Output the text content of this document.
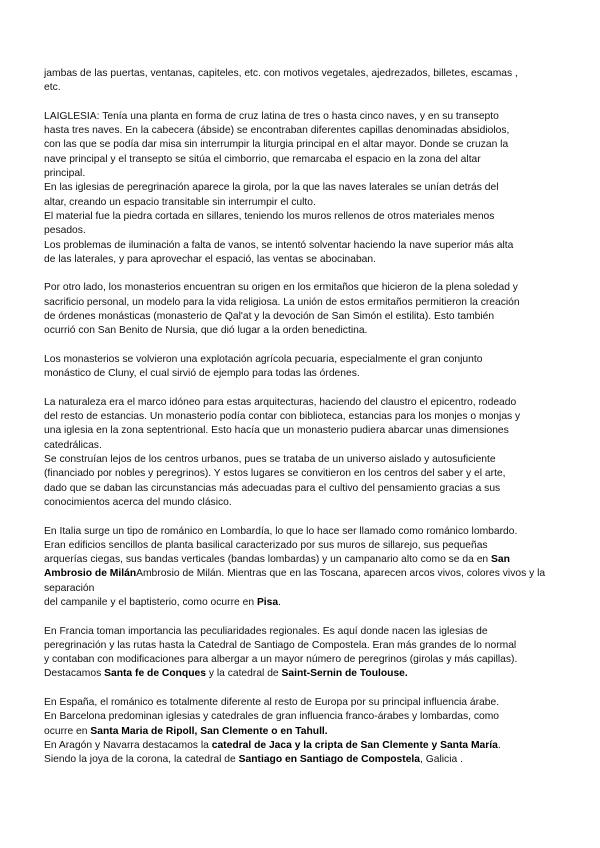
jambas de las puertas, ventanas, capiteles, etc. con motivos vegetales, ajedrezados, billetes, escamas ,
etc.
LAIGLESIA: Tenía una planta en forma de cruz latina de tres o hasta cinco naves, y en su transepto
hasta tres naves. En la cabecera (ábside) se encontraban diferentes capillas denominadas absidiolos,
con las que se podía dar misa sin interrumpir la liturgia principal en el altar mayor. Donde se cruzan la
nave principal y el transepto se sitúa el cimborrio, que remarcaba el espacio en la zona del altar
principal.
En las iglesias de peregrinación aparece la girola, por la que las naves laterales se unían detrás del
altar, creando un espacio transitable sin interrumpir el culto.
El material fue la piedra cortada en sillares, teniendo los muros rellenos de otros materiales menos
pesados.
Los problemas de iluminación a falta de vanos, se intentó solventar haciendo la nave superior más alta
de las laterales, y para aprovechar el espació, las ventas se abocinaban.
Por otro lado, los monasterios encuentran su origen en los ermitaños que hicieron de la plena soledad y
sacrificio personal, un modelo para la vida religiosa. La unión de estos ermitaños permitieron la creación
de órdenes monásticas (monasterio de Qal'at y la devoción de San Simón el estilita). Esto también
ocurrió con San Benito de Nursia, que dió lugar a la orden benedictina.
Los monasterios se volvieron una explotación agrícola pecuaria, especialmente el gran conjunto
monástico de Cluny, el cual sirvió de ejemplo para todas las órdenes.
La naturaleza era el marco idóneo para estas arquitecturas, haciendo del claustro el epicentro, rodeado
del resto de estancias. Un monasterio podía contar con biblioteca, estancias para los monjes o monjas y
una iglesia en la zona septentrional. Esto hacía que un monasterio pudiera abarcar unas dimensiones
catedrálicas.
Se construían lejos de los centros urbanos, pues se trataba de un universo aislado y autosuficiente
(financiado por nobles y peregrinos). Y estos lugares se convitieron en los centros del saber y el arte,
dado que se daban las circunstancias más adecuadas para el cultivo del pensamiento gracias a sus
conocimientos acerca del mundo clásico.
En Italia surge un tipo de románico en Lombardía, lo que lo hace ser llamado como románico lombardo.
Eran edificios sencillos de planta basilical caracterizado por sus muros de sillarejo, sus pequeñas
arquerías ciegas, sus bandas verticales (bandas lombardas) y un campanario alto como se da en San
Ambrosio de MilánAmbrosio de Milán. Mientras que en las Toscana, aparecen arcos vivos, colores vivos y la separación
del campanile y el baptisterio, como ocurre en Pisa.
En Francia toman importancia las peculiaridades regionales. Es aquí donde nacen las iglesias de
peregrinación y las rutas hasta la Catedral de Santiago de Compostela. Eran más grandes de lo normal
y contaban con modificaciones para albergar a un mayor número de peregrinos (girolas y más capillas).
Destacamos Santa fe de Conques y la catedral de Saint-Sernin de Toulouse.
En España, el románico es totalmente diferente al resto de Europa por su principal influencia árabe.
En Barcelona predominan iglesias y catedrales de gran influencia franco-árabes y lombardas, como
ocurre en Santa Maria de Ripoll, San Clemente o en Tahull.
En Aragón y Navarra destacamos la catedral de Jaca y la cripta de San Clemente y Santa María.
Siendo la joya de la corona, la catedral de Santiago en Santiago de Compostela, Galicia .
